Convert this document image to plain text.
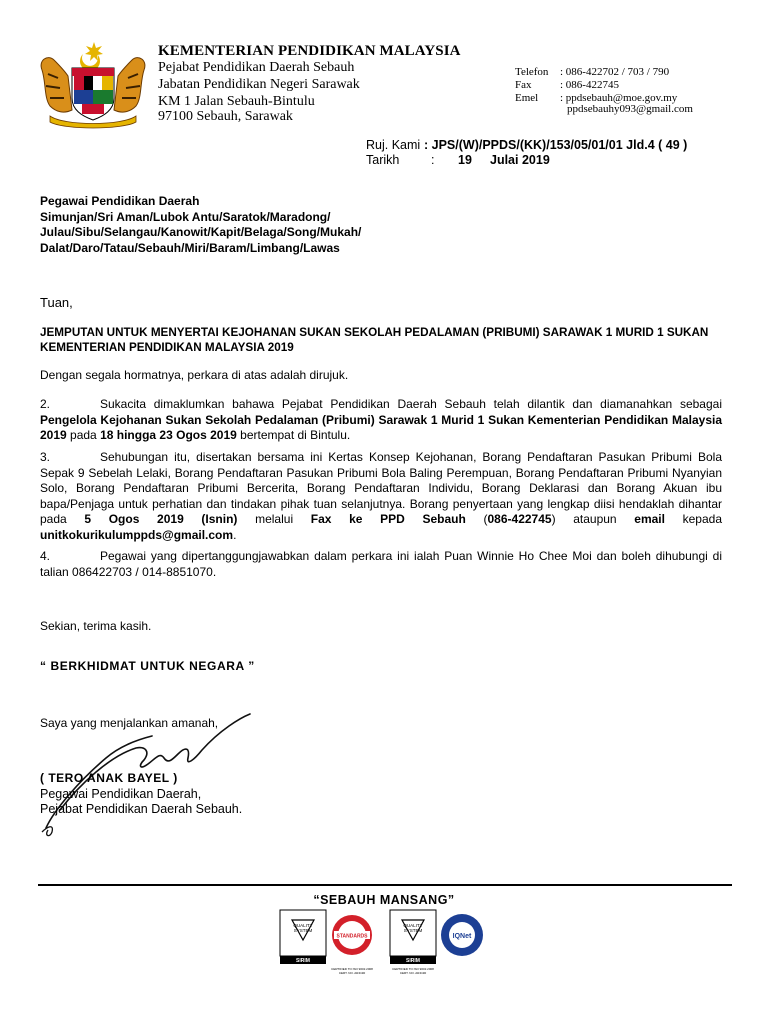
KEMENTERIAN PENDIDIKAN MALAYSIA
Pejabat Pendidikan Daerah Sebauh
Jabatan Pendidikan Negeri Sarawak
KM 1 Jalan Sebauh-Bintulu
97100 Sebauh, Sarawak
Telefon : 086-422702 / 703 / 790
Fax	: 086-422745
Emel : ppdsebauh@moe.gov.my
ppdsebauhy093@gmail.com
Ruj. Kami : JPS/(W)/PPDS/(KK)/153/05/01/01 Jld.4 ( 49 )
Tarikh	: 19 Julai 2019
Pegawai Pendidikan Daerah
Simunjan/Sri Aman/Lubok Antu/Saratok/Maradong/
Julau/Sibu/Selangau/Kanowit/Kapit/Belaga/Song/Mukah/
Dalat/Daro/Tatau/Sebauh/Miri/Baram/Limbang/Lawas
Tuan,
JEMPUTAN UNTUK MENYERTAI KEJOHANAN SUKAN SEKOLAH PEDALAMAN (PRIBUMI) SARAWAK 1 MURID 1 SUKAN KEMENTERIAN PENDIDIKAN MALAYSIA 2019
Dengan segala hormatnya, perkara di atas adalah dirujuk.
2.	Sukacita dimaklumkan bahawa Pejabat Pendidikan Daerah Sebauh telah dilantik dan diamanahkan sebagai Pengelola Kejohanan Sukan Sekolah Pedalaman (Pribumi) Sarawak 1 Murid 1 Sukan Kementerian Pendidikan Malaysia 2019 pada 18 hingga 23 Ogos 2019 bertempat di Bintulu.
3.	Sehubungan itu, disertakan bersama ini Kertas Konsep Kejohanan, Borang Pendaftaran Pasukan Pribumi Bola Sepak 9 Sebelah Lelaki, Borang Pendaftaran Pasukan Pribumi Bola Baling Perempuan, Borang Pendaftaran Pribumi Nyanyian Solo, Borang Pendaftaran Pribumi Bercerita, Borang Pendaftaran Individu, Borang Deklarasi dan Borang Akuan ibu bapa/Penjaga untuk perhatian dan tindakan pihak tuan selanjutnya. Borang penyertaan yang lengkap diisi hendaklah dihantar pada 5 Ogos 2019 (Isnin) melalui Fax ke PPD Sebauh (086-422745) ataupun email kepada unitkokurikulumppds@gmail.com.
4.	Pegawai yang dipertanggungjawabkan dalam perkara ini ialah Puan Winnie Ho Chee Moi dan boleh dihubungi di talian 086422703 / 014-8851070.
Sekian, terima kasih.
“ BERKHIDMAT UNTUK NEGARA ”
Saya yang menjalankan amanah,
( TERO ANAK BAYEL )
Pegawai Pendidikan Daerah,
Pejabat Pendidikan Daerah Sebauh.
“SEBAUH MANSANG”
QUALITY
SYSTEM
SIRIM
STANDARDS
CERTIFIED TO ISO 9001:2008
CERT. NO. AR4190
QUALITY
SYSTEM
SIRIM
CERTIFIED TO ISO 9001:2008
CERT. NO. AR4190
IQNet
